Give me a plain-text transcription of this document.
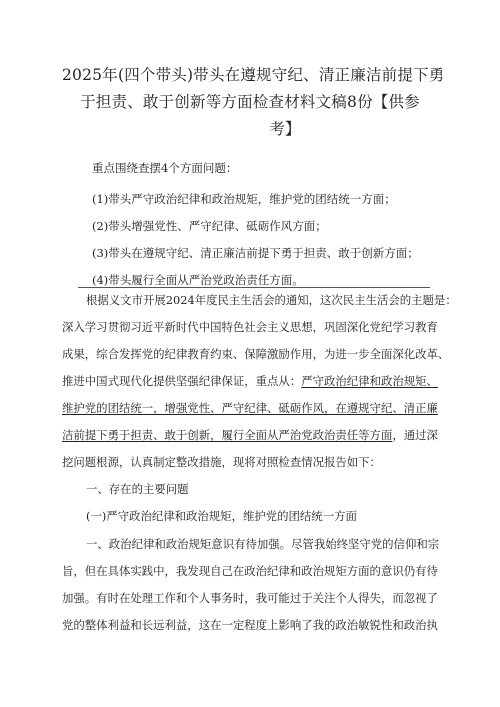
2025年(四个带头)带头在遵规守纪、清正廉洁前提下勇
于担责、敢于创新等方面检查材料文稿8份【供参
考】
重点围绕查摆4个方面问题：
(1)带头严守政治纪律和政治规矩，维护党的团结统一方面；
(2)带头增强党性、严守纪律、砥砺作风方面；
(3)带头在遵规守纪、清正廉洁前提下勇于担责、敢于创新方面；
(4)带头履行全面从严治党政治责任方面。
根据义文市开展2024年度民主生活会的通知，这次民主生活会的主题是：
深入学习贯彻习近平新时代中国特色社会主义思想，巩固深化党纪学习教育
成果，综合发挥党的纪律教育约束、保障激励作用，为进一步全面深化改革、
推进中国式现代化提供坚强纪律保证，重点从：严守政治纪律和政治规矩、
维护党的团结统一，增强党性、严守纪律、砥砺作风，在遵规守纪、清正廉
洁前提下勇于担责、敢于创新，履行全面从严治党政治责任等方面，通过深
挖问题根源，认真制定整改措施，现将对照检查情况报告如下：
一、存在的主要问题
(一)严守政治纪律和政治规矩，维护党的团结统一方面
一、政治纪律和政治规矩意识有待加强。尽管我始终坚守党的信仰和宗
旨，但在具体实践中，我发现自己在政治纪律和政治规矩方面的意识仍有待
加强。有时在处理工作和个人事务时，我可能过于关注个人得失，而忽视了
党的整体利益和长远利益，这在一定程度上影响了我的政治敏锐性和政治执
